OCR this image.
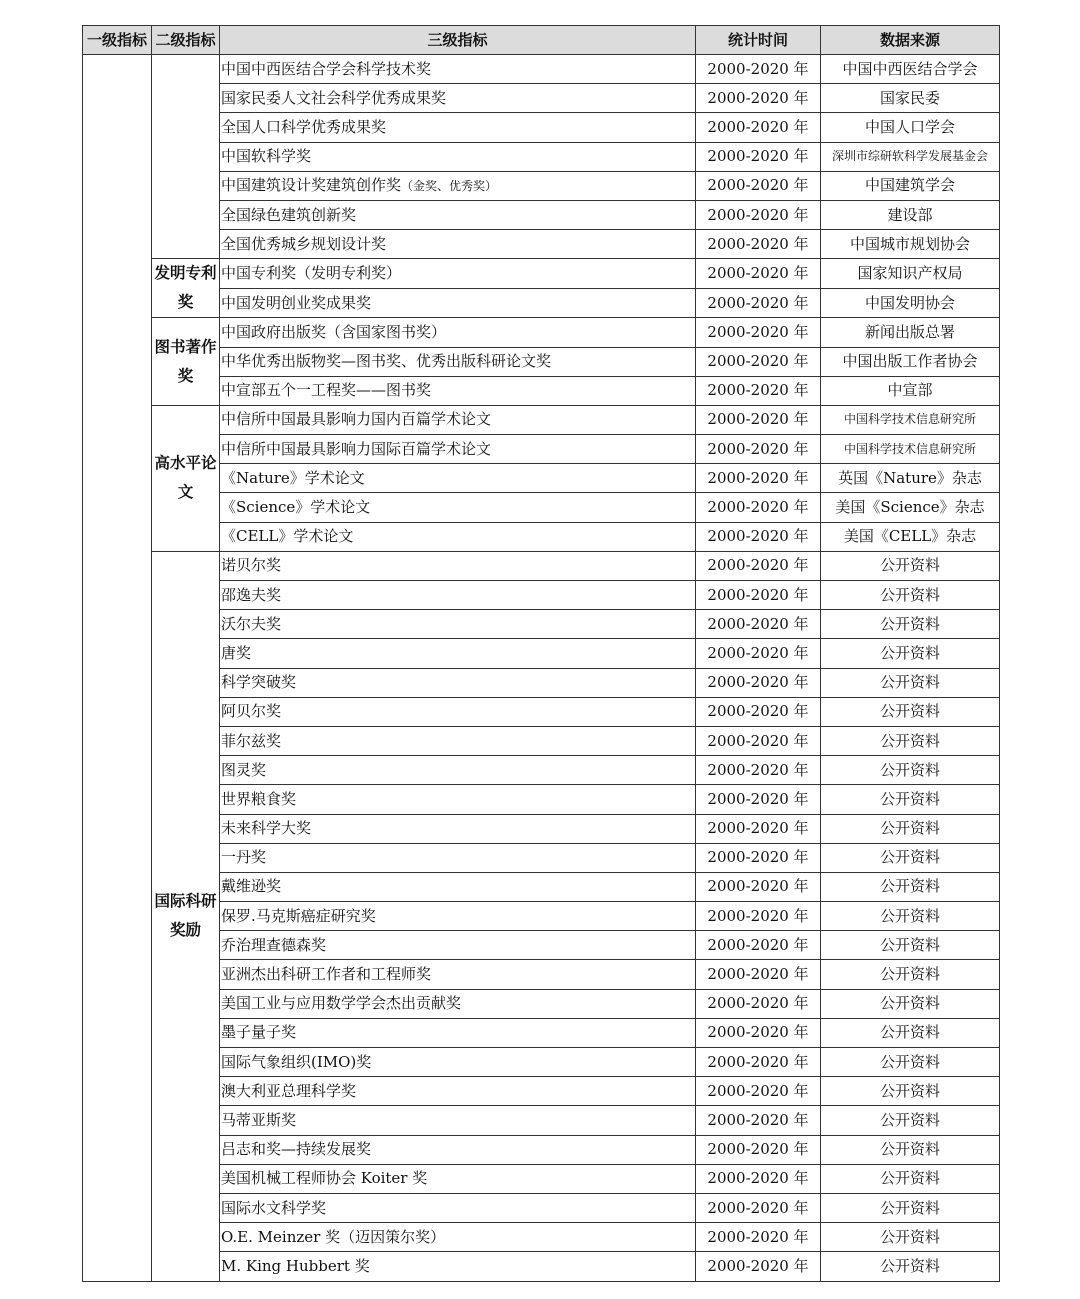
一级指标	二级指标	三级指标	统计时间	数据来源
		中国中西医结合学会科学技术奖	2000-2020 年	中国中西医结合学会
		国家民委人文社会科学优秀成果奖	2000-2020 年	国家民委
		全国人口科学优秀成果奖	2000-2020 年	中国人口学会
		中国软科学奖	2000-2020 年	深圳市综研软科学发展基金会
		中国建筑设计奖建筑创作奖（金奖、优秀奖）	2000-2020 年	中国建筑学会
		全国绿色建筑创新奖	2000-2020 年	建设部
		全国优秀城乡规划设计奖	2000-2020 年	中国城市规划协会
	发明专利奖	中国专利奖（发明专利奖）	2000-2020 年	国家知识产权局
		中国发明创业奖成果奖	2000-2020 年	中国发明协会
	图书著作奖	中国政府出版奖（含国家图书奖）	2000-2020 年	新闻出版总署
		中华优秀出版物奖—图书奖、优秀出版科研论文奖	2000-2020 年	中国出版工作者协会
		中宣部五个一工程奖——图书奖	2000-2020 年	中宣部
	高水平论文	中信所中国最具影响力国内百篇学术论文	2000-2020 年	中国科学技术信息研究所
		中信所中国最具影响力国际百篇学术论文	2000-2020 年	中国科学技术信息研究所
		《Nature》学术论文	2000-2020 年	英国《Nature》杂志
		《Science》学术论文	2000-2020 年	美国《Science》杂志
		《CELL》学术论文	2000-2020 年	美国《CELL》杂志
	国际科研奖励	诺贝尔奖	2000-2020 年	公开资料
		邵逸夫奖	2000-2020 年	公开资料
		沃尔夫奖	2000-2020 年	公开资料
		唐奖	2000-2020 年	公开资料
		科学突破奖	2000-2020 年	公开资料
		阿贝尔奖	2000-2020 年	公开资料
		菲尔兹奖	2000-2020 年	公开资料
		图灵奖	2000-2020 年	公开资料
		世界粮食奖	2000-2020 年	公开资料
		未来科学大奖	2000-2020 年	公开资料
		一丹奖	2000-2020 年	公开资料
		戴维逊奖	2000-2020 年	公开资料
		保罗.马克斯癌症研究奖	2000-2020 年	公开资料
		乔治理查德森奖	2000-2020 年	公开资料
		亚洲杰出科研工作者和工程师奖	2000-2020 年	公开资料
		美国工业与应用数学学会杰出贡献奖	2000-2020 年	公开资料
		墨子量子奖	2000-2020 年	公开资料
		国际气象组织(IMO)奖	2000-2020 年	公开资料
		澳大利亚总理科学奖	2000-2020 年	公开资料
		马蒂亚斯奖	2000-2020 年	公开资料
		吕志和奖—持续发展奖	2000-2020 年	公开资料
		美国机械工程师协会 Koiter 奖	2000-2020 年	公开资料
		国际水文科学奖	2000-2020 年	公开资料
		O.E. Meinzer 奖（迈因策尔奖）	2000-2020 年	公开资料
		M. King Hubbert 奖	2000-2020 年	公开资料
